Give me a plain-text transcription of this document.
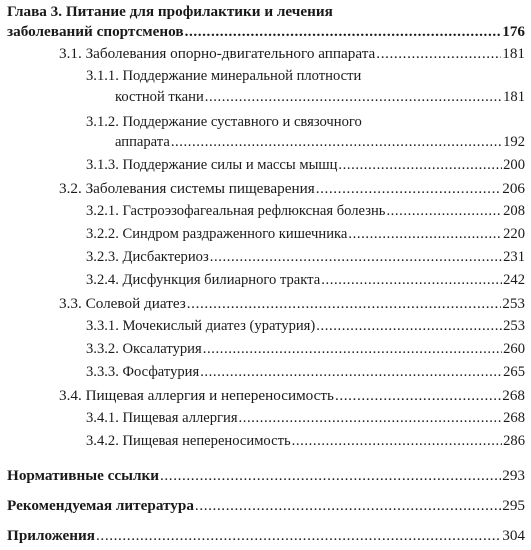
Глава 3. Питание для профилактики и лечения
заболеваний спортсменов .....	176
3.1. Заболевания опорно-двигательного аппарата .....	181
3.1.1. Поддержание минеральной плотности
костной ткани .....	181
3.1.2. Поддержание суставного и связочного
аппарата .....	192
3.1.3. Поддержание силы и массы мышц .....	200
3.2. Заболевания системы пищеварения .....	206
3.2.1. Гастроэзофагеальная рефлюксная болезнь .....	208
3.2.2. Синдром раздраженного кишечника .....	220
3.2.3. Дисбактериоз .....	231
3.2.4. Дисфункция билиарного тракта .....	242
3.3. Солевой диатез .....	253
3.3.1. Мочекислый диатез (уратурия) .....	253
3.3.2. Оксалатурия .....	260
3.3.3. Фосфатурия .....	265
3.4. Пищевая аллергия и непереносимость .....	268
3.4.1. Пищевая аллергия .....	268
3.4.2. Пищевая непереносимость .....	286
Нормативные ссылки .....	293
Рекомендуемая литература .....	295
Приложения .....	304
